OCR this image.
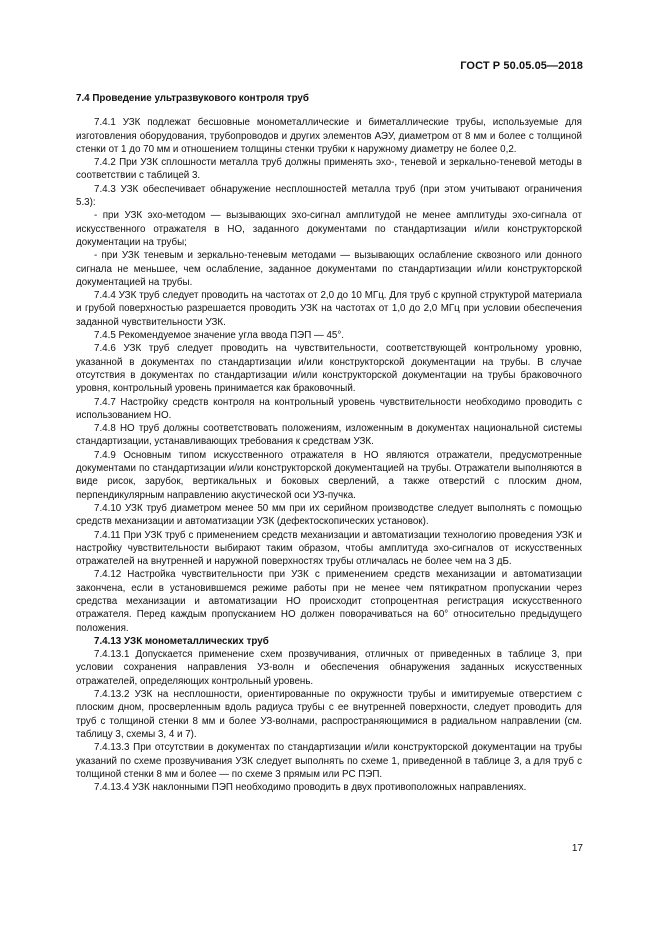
ГОСТ Р 50.05.05—2018

7.4 Проведение ультразвукового контроля труб

7.4.1 УЗК подлежат бесшовные монометаллические и биметаллические трубы, используемые для изготовления оборудования, трубопроводов и других элементов АЭУ, диаметром от 8 мм и более с толщиной стенки от 1 до 70 мм и отношением толщины стенки трубки к наружному диаметру не более 0,2.

7.4.2 При УЗК сплошности металла труб должны применять эхо-, теневой и зеркально-теневой методы в соответствии с таблицей 3.

7.4.3 УЗК обеспечивает обнаружение несплошностей металла труб (при этом учитывают ограничения 5.3):

- при УЗК эхо-методом — вызывающих эхо-сигнал амплитудой не менее амплитуды эхо-сигнала от искусственного отражателя в НО, заданного документами по стандартизации и/или конструкторской документации на трубы;

- при УЗК теневым и зеркально-теневым методами — вызывающих ослабление сквозного или донного сигнала не меньшее, чем ослабление, заданное документами по стандартизации и/или конструкторской документацией на трубы.

7.4.4 УЗК труб следует проводить на частотах от 2,0 до 10 МГц. Для труб с крупной структурой материала и грубой поверхностью разрешается проводить УЗК на частотах от 1,0 до 2,0 МГц при условии обеспечения заданной чувствительности УЗК.

7.4.5 Рекомендуемое значение угла ввода ПЭП — 45°.

7.4.6 УЗК труб следует проводить на чувствительности, соответствующей контрольному уровню, указанной в документах по стандартизации и/или конструкторской документации на трубы. В случае отсутствия в документах по стандартизации и/или конструкторской документации на трубы браковочного уровня, контрольный уровень принимается как браковочный.

7.4.7 Настройку средств контроля на контрольный уровень чувствительности необходимо проводить с использованием НО.

7.4.8 НО труб должны соответствовать положениям, изложенным в документах национальной системы стандартизации, устанавливающих требования к средствам УЗК.

7.4.9 Основным типом искусственного отражателя в НО являются отражатели, предусмотренные документами по стандартизации и/или конструкторской документацией на трубы. Отражатели выполняются в виде рисок, зарубок, вертикальных и боковых сверлений, а также отверстий с плоским дном, перпендикулярным направлению акустической оси УЗ-пучка.

7.4.10 УЗК труб диаметром менее 50 мм при их серийном производстве следует выполнять с помощью средств механизации и автоматизации УЗК (дефектоскопических установок).

7.4.11 При УЗК труб с применением средств механизации и автоматизации технологию проведения УЗК и настройку чувствительности выбирают таким образом, чтобы амплитуда эхо-сигналов от искусственных отражателей на внутренней и наружной поверхностях трубы отличалась не более чем на 3 дБ.

7.4.12 Настройка чувствительности при УЗК с применением средств механизации и автоматизации закончена, если в установившемся режиме работы при не менее чем пятикратном пропускании через средства механизации и автоматизации НО происходит стопроцентная регистрация искусственного отражателя. Перед каждым пропусканием НО должен поворачиваться на 60° относительно предыдущего положения.

7.4.13 УЗК монометаллических труб

7.4.13.1 Допускается применение схем прозвучивания, отличных от приведенных в таблице 3, при условии сохранения направления УЗ-волн и обеспечения обнаружения заданных искусственных отражателей, определяющих контрольный уровень.

7.4.13.2 УЗК на несплошности, ориентированные по окружности трубы и имитируемые отверстием с плоским дном, просверленным вдоль радиуса трубы с ее внутренней поверхности, следует проводить для труб с толщиной стенки 8 мм и более УЗ-волнами, распространяющимися в радиальном направлении (см. таблицу 3, схемы 3, 4 и 7).

7.4.13.3 При отсутствии в документах по стандартизации и/или конструкторской документации на трубы указаний по схеме прозвучивания УЗК следует выполнять по схеме 1, приведенной в таблице 3, а для труб с толщиной стенки 8 мм и более — по схеме 3 прямым или РС ПЭП.

7.4.13.4 УЗК наклонными ПЭП необходимо проводить в двух противоположных направлениях.

17
